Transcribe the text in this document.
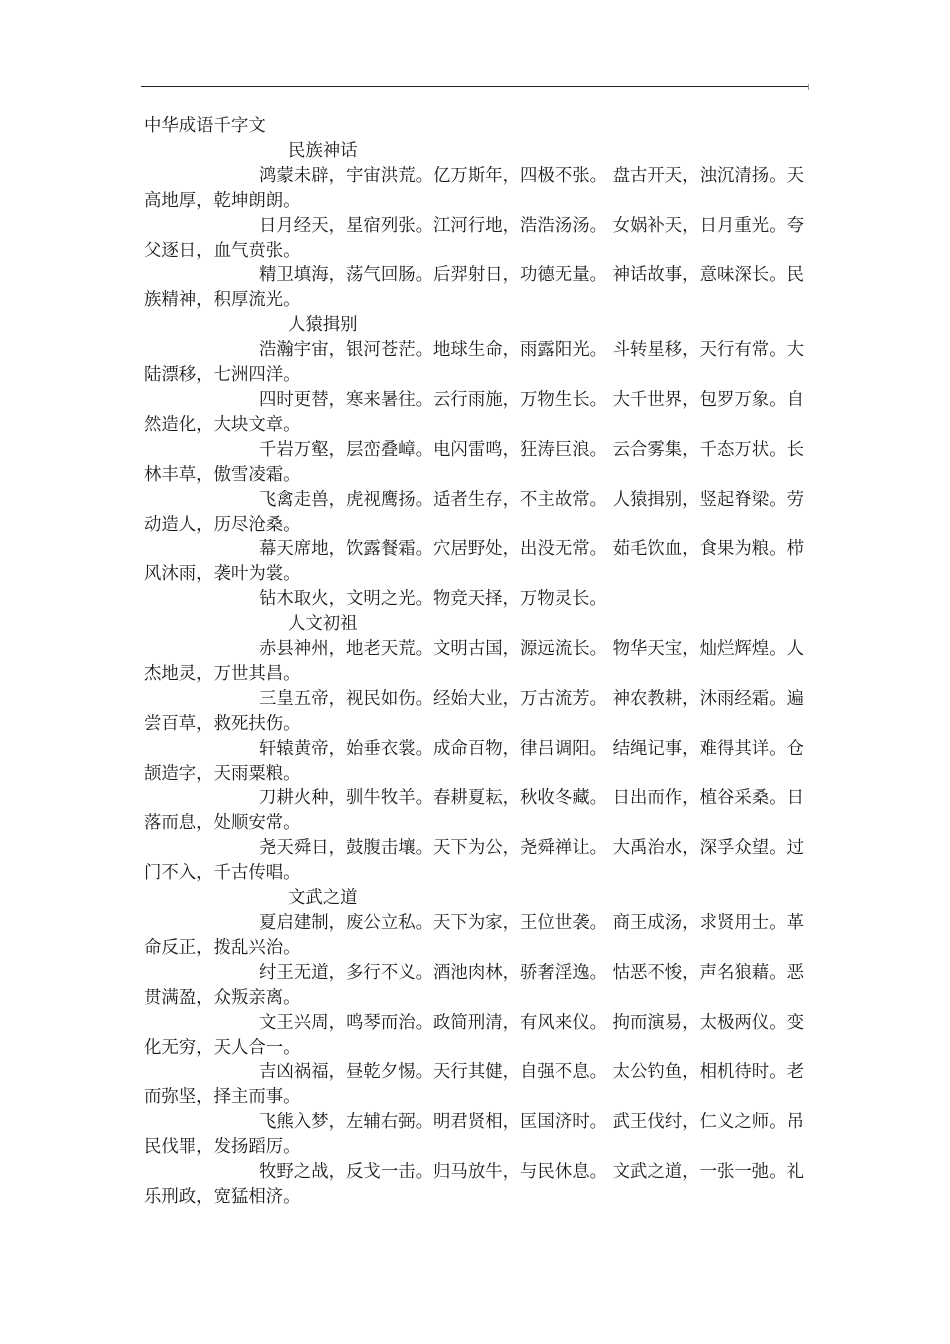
中华成语千字文

民族神话

鸿蒙未辟，宇宙洪荒。亿万斯年，四极不张。 盘古开天，浊沉清扬。天高地厚，乾坤朗朗。

日月经天，星宿列张。江河行地，浩浩汤汤。 女娲补天，日月重光。夸父逐日，血气贲张。

精卫填海，荡气回肠。后羿射日，功德无量。 神话故事，意味深长。民族精神，积厚流光。

人猿揖别

浩瀚宇宙，银河苍茫。地球生命，雨露阳光。 斗转星移，天行有常。大陆漂移，七洲四洋。

四时更替，寒来暑往。云行雨施，万物生长。 大千世界，包罗万象。自然造化，大块文章。

千岩万壑，层峦叠嶂。电闪雷鸣，狂涛巨浪。 云合雾集，千态万状。长林丰草，傲雪凌霜。

飞禽走兽，虎视鹰扬。适者生存，不主故常。 人猿揖别，竖起脊梁。劳动造人，历尽沧桑。

幕天席地，饮露餐霜。穴居野处，出没无常。 茹毛饮血，食果为粮。栉风沐雨，袭叶为裳。

钻木取火，文明之光。物竞天择，万物灵长。

人文初祖

赤县神州，地老天荒。文明古国，源远流长。 物华天宝，灿烂辉煌。人杰地灵，万世其昌。

三皇五帝，视民如伤。经始大业，万古流芳。 神农教耕，沐雨经霜。遍尝百草，救死扶伤。

轩辕黄帝，始垂衣裳。成命百物，律吕调阳。 结绳记事，难得其详。仓颉造字，天雨粟粮。

刀耕火种，驯牛牧羊。春耕夏耘，秋收冬藏。 日出而作，植谷采桑。日落而息，处顺安常。

尧天舜日，鼓腹击壤。天下为公，尧舜禅让。 大禹治水，深孚众望。过门不入，千古传唱。

文武之道

夏启建制，废公立私。天下为家，王位世袭。 商王成汤，求贤用士。革命反正，拨乱兴治。

纣王无道，多行不义。酒池肉林，骄奢淫逸。 怙恶不悛，声名狼藉。恶贯满盈，众叛亲离。

文王兴周，鸣琴而治。政简刑清，有风来仪。 拘而演易，太极两仪。变化无穷，天人合一。

吉凶祸福，昼乾夕惕。天行其健，自强不息。 太公钓鱼，相机待时。老而弥坚，择主而事。

飞熊入梦，左辅右弼。明君贤相，匡国济时。 武王伐纣，仁义之师。吊民伐罪，发扬蹈厉。

牧野之战，反戈一击。归马放牛，与民休息。 文武之道，一张一弛。礼乐刑政，宽猛相济。
